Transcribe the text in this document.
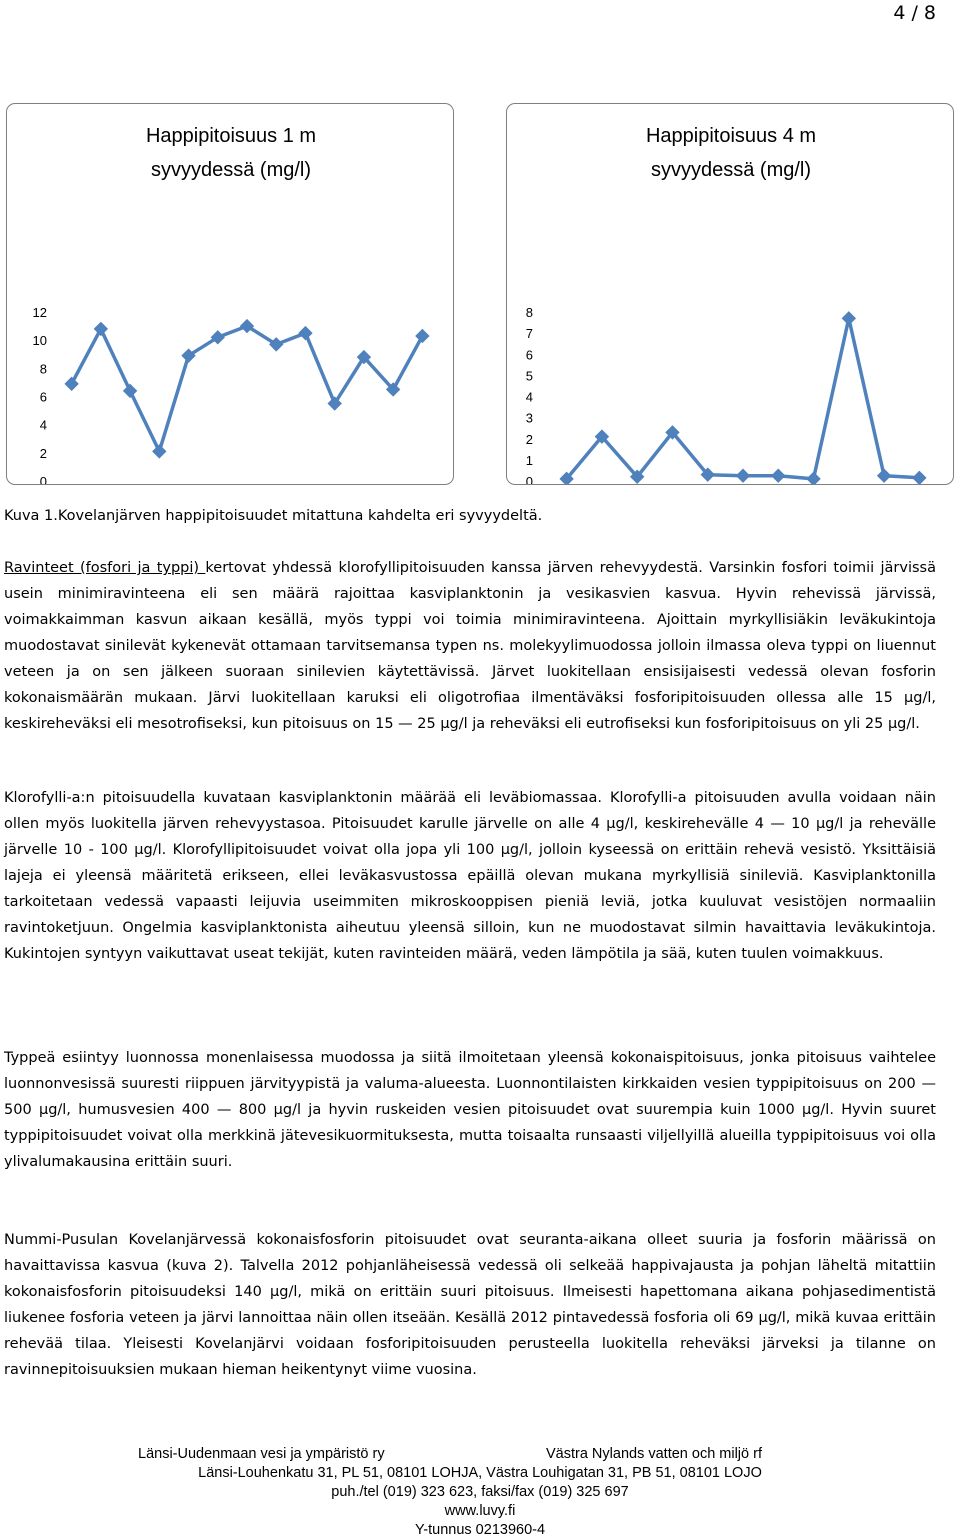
4 / 8
Happipitoisuus 1 m
syvyydessä (mg/l)
0
2
4
6
8
10
12
Happipitoisuus 4 m
syvyydessä (mg/l)
0
1
2
3
4
5
6
7
8
Kuva 1.Kovelanjärven happipitoisuudet mitattuna kahdelta eri syvyydeltä.

Ravinteet (fosfori ja typpi) kertovat yhdessä klorofyllipitoisuuden kanssa järven rehevyydestä. Varsinkin fosfori toimii järvissä usein minimiravinteena eli sen määrä rajoittaa kasviplanktonin ja vesikasvien kasvua. Hyvin rehevissä järvissä, voimakkaimman kasvun aikaan kesällä, myös typpi voi toimia minimiravinteena. Ajoittain myrkyllisiäkin leväkukintoja muodostavat sinilevät kykenevät ottamaan tarvitsemansa typen ns. molekyylimuodossa jolloin ilmassa oleva typpi on liuennut veteen ja on sen jälkeen suoraan sinilevien käytettävissä. Järvet luokitellaan ensisijaisesti vedessä olevan fosforin kokonaismäärän mukaan. Järvi luokitellaan karuksi eli oligotrofiaa ilmentäväksi fosforipitoisuuden ollessa alle 15 µg/l, keskireheväksi eli mesotrofiseksi, kun pitoisuus on 15 — 25 µg/l ja reheväksi eli eutrofiseksi kun fosforipitoisuus on yli 25 µg/l.

Klorofylli-a:n pitoisuudella kuvataan kasviplanktonin määrää eli leväbiomassaa. Klorofylli-a pitoisuuden avulla voidaan näin ollen myös luokitella järven rehevyystasoa. Pitoisuudet karulle järvelle on alle 4 µg/l, keskirehevälle 4 — 10 µg/l ja rehevälle järvelle 10 - 100 µg/l. Klorofyllipitoisuudet voivat olla jopa yli 100 µg/l, jolloin kyseessä on erittäin rehevä vesistö. Yksittäisiä lajeja ei yleensä määritetä erikseen, ellei leväkasvustossa epäillä olevan mukana myrkyllisiä sinileviä. Kasviplanktonilla tarkoitetaan vedessä vapaasti leijuvia useimmiten mikroskooppisen pieniä leviä, jotka kuuluvat vesistöjen normaaliin ravintoketjuun. Ongelmia kasviplanktonista aiheutuu yleensä silloin, kun ne muodostavat silmin havaittavia leväkukintoja. Kukintojen syntyyn vaikuttavat useat tekijät, kuten ravinteiden määrä, veden lämpötila ja sää, kuten tuulen voimakkuus.

Typpeä esiintyy luonnossa monenlaisessa muodossa ja siitä ilmoitetaan yleensä kokonaispitoisuus, jonka pitoisuus vaihtelee luonnonvesissä suuresti riippuen järvityypistä ja valuma-alueesta. Luonnontilaisten kirkkaiden vesien typpipitoisuus on 200 — 500 µg/l, humusvesien 400 — 800 µg/l ja hyvin ruskeiden vesien pitoisuudet ovat suurempia kuin 1000 µg/l. Hyvin suuret typpipitoisuudet voivat olla merkkinä jätevesikuormituksesta, mutta toisaalta runsaasti viljellyillä alueilla typpipitoisuus voi olla ylivalumakausina erittäin suuri.

Nummi-Pusulan Kovelanjärvessä kokonaisfosforin pitoisuudet ovat seuranta-aikana olleet suuria ja fosforin määrissä on havaittavissa kasvua (kuva 2). Talvella 2012 pohjanläheisessä vedessä oli selkeää happivajausta ja pohjan läheltä mitattiin kokonaisfosforin pitoisuudeksi 140 µg/l, mikä on erittäin suuri pitoisuus. Ilmeisesti hapettomana aikana pohjasedimentistä liukenee fosforia veteen ja järvi lannoittaa näin ollen itseään. Kesällä 2012 pintavedessä fosforia oli 69 µg/l, mikä kuvaa erittäin rehevää tilaa. Yleisesti Kovelanjärvi voidaan fosforipitoisuuden perusteella luokitella reheväksi järveksi ja tilanne on ravinnepitoisuuksien mukaan hieman heikentynyt viime vuosina.

Länsi-Uudenmaan vesi ja ympäristö ry	Västra Nylands vatten och miljö rf
Länsi-Louhenkatu 31, PL 51, 08101 LOHJA, Västra Louhigatan 31, PB 51, 08101 LOJO
puh./tel (019) 323 623, faksi/fax (019) 325 697
www.luvy.fi
Y-tunnus 0213960-4
